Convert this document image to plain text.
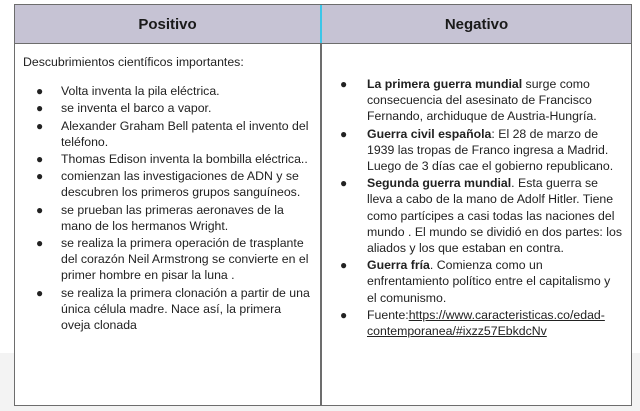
Positivo	Negativo
Descubrimientos científicos importantes:
● Volta inventa la pila eléctrica.
● se inventa el barco a vapor.
● Alexander Graham Bell patenta el invento del teléfono.
● Thomas Edison inventa la bombilla eléctrica..
● comienzan las investigaciones de ADN y se descubren los primeros grupos sanguíneos.
● se prueban las primeras aeronaves de la mano de los hermanos Wright.
● se realiza la primera operación de trasplante del corazón Neil Armstrong se convierte en el primer hombre en pisar la luna .
● se realiza la primera clonación a partir de una única célula madre. Nace así, la primera oveja clonada
● La primera guerra mundial surge como consecuencia del asesinato de Francisco Fernando, archiduque de Austria-Hungría.
● Guerra civil española: El 28 de marzo de 1939 las tropas de Franco ingresa a Madrid. Luego de 3 días cae el gobierno republicano.
● Segunda guerra mundial. Esta guerra se lleva a cabo de la mano de Adolf Hitler. Tiene como partícipes a casi todas las naciones del mundo . El mundo se dividió en dos partes: los aliados y los que estaban en contra.
● Guerra fría. Comienza como un enfrentamiento político entre el capitalismo y el comunismo.
● Fuente:https://www.caracteristicas.co/edad-contemporanea/#ixzz57EbkdcNv
